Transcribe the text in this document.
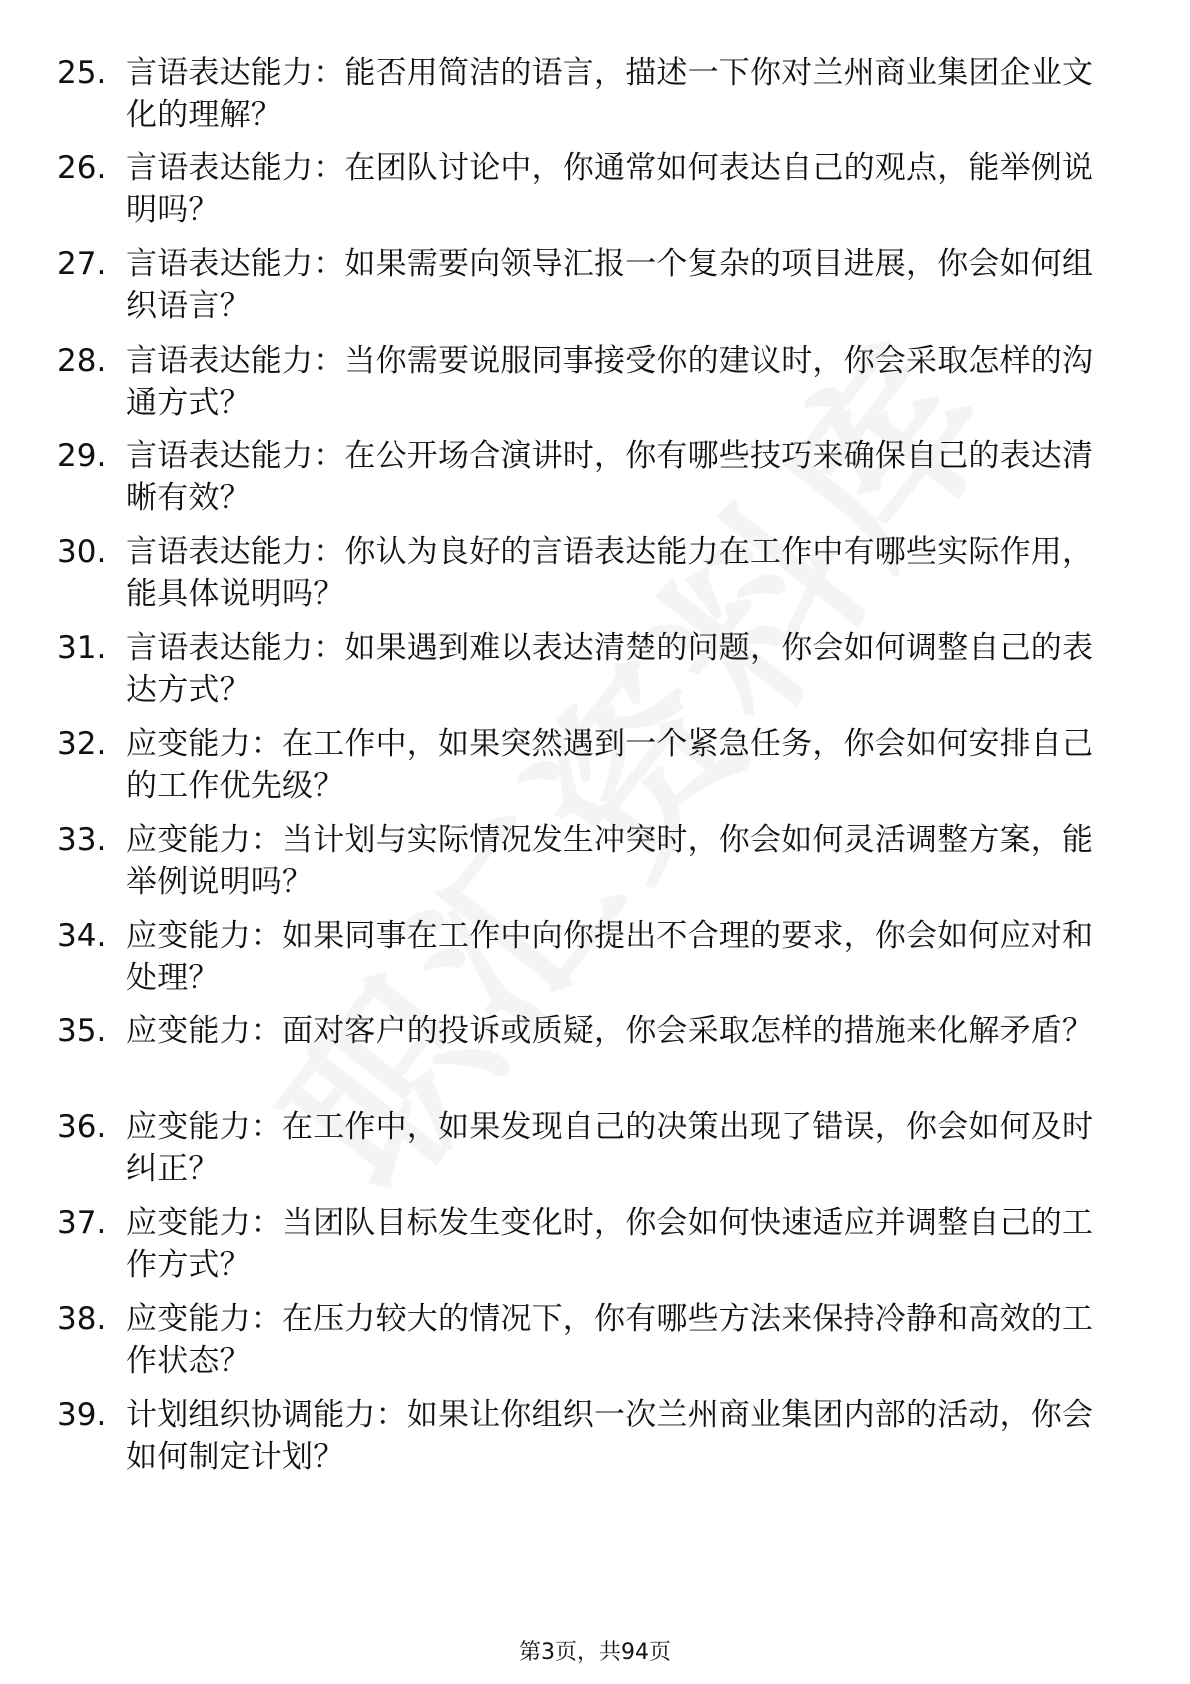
25. 言语表达能力：能否用简洁的语言，描述一下你对兰州商业集团企业文化的理解？
26. 言语表达能力：在团队讨论中，你通常如何表达自己的观点，能举例说明吗？
27. 言语表达能力：如果需要向领导汇报一个复杂的项目进展，你会如何组织语言？
28. 言语表达能力：当你需要说服同事接受你的建议时，你会采取怎样的沟通方式？
29. 言语表达能力：在公开场合演讲时，你有哪些技巧来确保自己的表达清晰有效？
30. 言语表达能力：你认为良好的言语表达能力在工作中有哪些实际作用，能具体说明吗？
31. 言语表达能力：如果遇到难以表达清楚的问题，你会如何调整自己的表达方式？
32. 应变能力：在工作中，如果突然遇到一个紧急任务，你会如何安排自己的工作优先级？
33. 应变能力：当计划与实际情况发生冲突时，你会如何灵活调整方案，能举例说明吗？
34. 应变能力：如果同事在工作中向你提出不合理的要求，你会如何应对和处理？
35. 应变能力：面对客户的投诉或质疑，你会采取怎样的措施来化解矛盾？
36. 应变能力：在工作中，如果发现自己的决策出现了错误，你会如何及时纠正？
37. 应变能力：当团队目标发生变化时，你会如何快速适应并调整自己的工作方式？
38. 应变能力：在压力较大的情况下，你有哪些方法来保持冷静和高效的工作状态？
39. 计划组织协调能力：如果让你组织一次兰州商业集团内部的活动，你会如何制定计划？
第3页，共94页
